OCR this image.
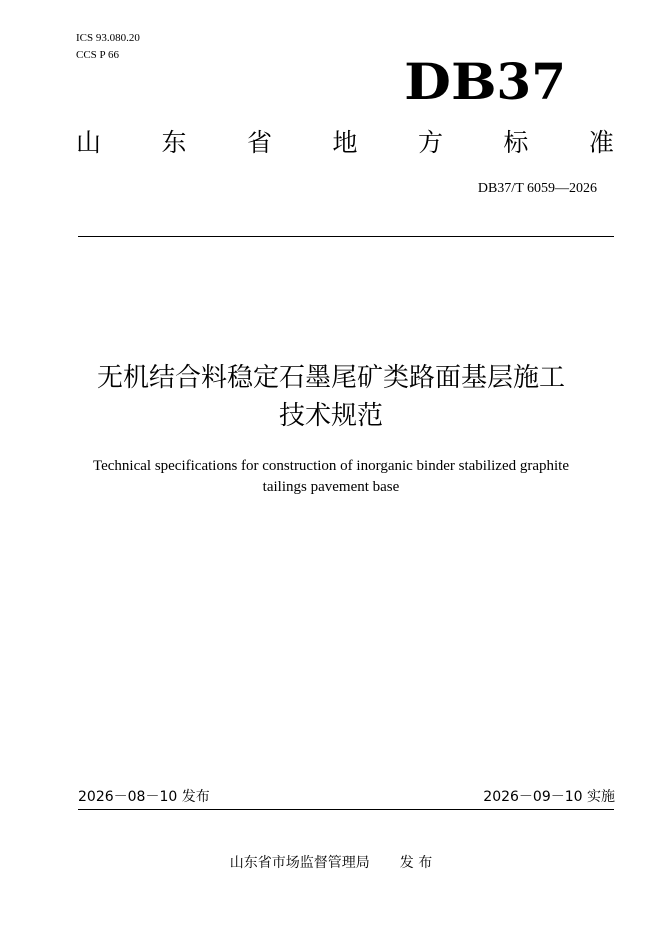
ICS 93.080.20
CCS P 66	DB37
山 东 省 地 方 标 准
DB37/T 6059—2026
无机结合料稳定石墨尾矿类路面基层施工
技术规范
Technical specifications for construction of inorganic binder stabilized graphite
tailings pavement base
2026－08－10 发布	2026－09－10 实施
山东省市场监督管理局 发 布
